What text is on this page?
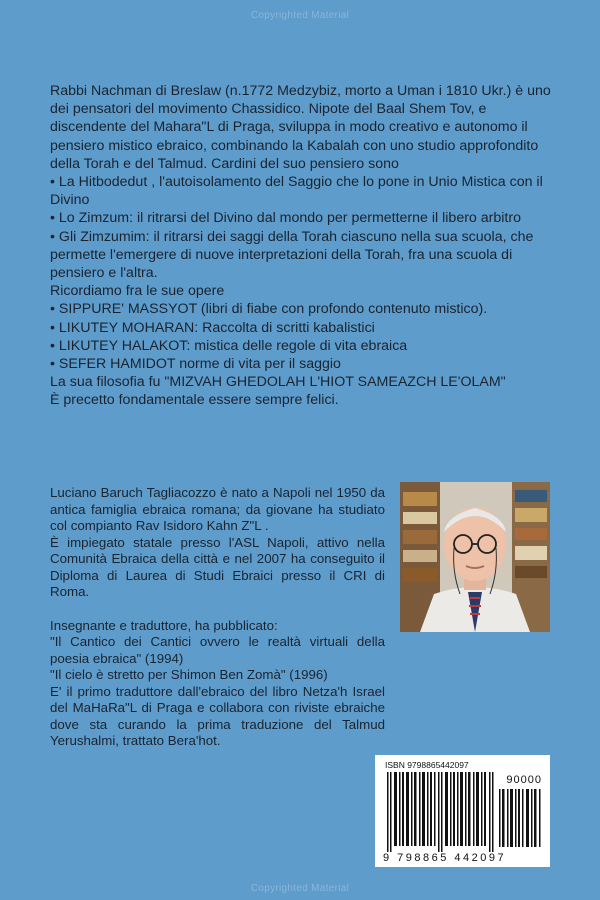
Copyrighted Material

Rabbi Nachman di Breslaw (n.1772 Medzybiz, morto a Uman i 1810 Ukr.) è uno dei pensatori del movimento Chassidico. Nipote del Baal Shem Tov, e discendente del Mahara"L di Praga, sviluppa in modo creativo e autonomo il pensiero mistico ebraico, combinando la Kabalah con uno studio approfondito della Torah e del Talmud. Cardini del suo pensiero sono

• La Hitbodedut , l'autoisolamento del Saggio che lo pone in Unio Mistica con il Divino
• Lo Zimzum: il ritrarsi del Divino dal mondo per permetterne il libero arbitro
• Gli Zimzumim: il ritrarsi dei saggi della Torah ciascuno nella sua scuola, che permette l'emergere di nuove interpretazioni della Torah, fra una scuola di pensiero e l'altra.

Ricordiamo fra le sue opere

• SIPPURE' MASSYOT (libri di fiabe con profondo contenuto mistico).
• LIKUTEY MOHARAN: Raccolta di scritti kabalistici
• LIKUTEY HALAKOT: mistica delle regole di vita ebraica
• SEFER HAMIDOT norme di vita per il saggio

La sua filosofia fu "MIZVAH GHEDOLAH L'HIOT SAMEAZCH LE'OLAM"

È precetto fondamentale essere sempre felici.

Luciano Baruch Tagliacozzo è nato a Napoli nel 1950 da antica famiglia ebraica romana; da giovane ha studiato col compianto Rav Isidoro Kahn Z"L .

È impiegato statale presso l'ASL Napoli, attivo nella Comunità Ebraica della città e nel 2007 ha conseguito il Diploma di Laurea di Studi Ebraici presso il CRI di Roma.

Insegnante e traduttore, ha pubblicato:

"Il Cantico dei Cantici ovvero le realtà virtuali della poesia ebraica" (1994)

"Il cielo è stretto per Shimon Ben Zomà" (1996)

E' il primo traduttore dall'ebraico del libro Netza'h Israel del MaHaRa"L di Praga e collabora con riviste ebraiche dove sta curando la prima traduzione del Talmud Yerushalmi, trattato Bera'hot.

ISBN 9798865442097
90000
9 798865 442097
Copyrighted Material
